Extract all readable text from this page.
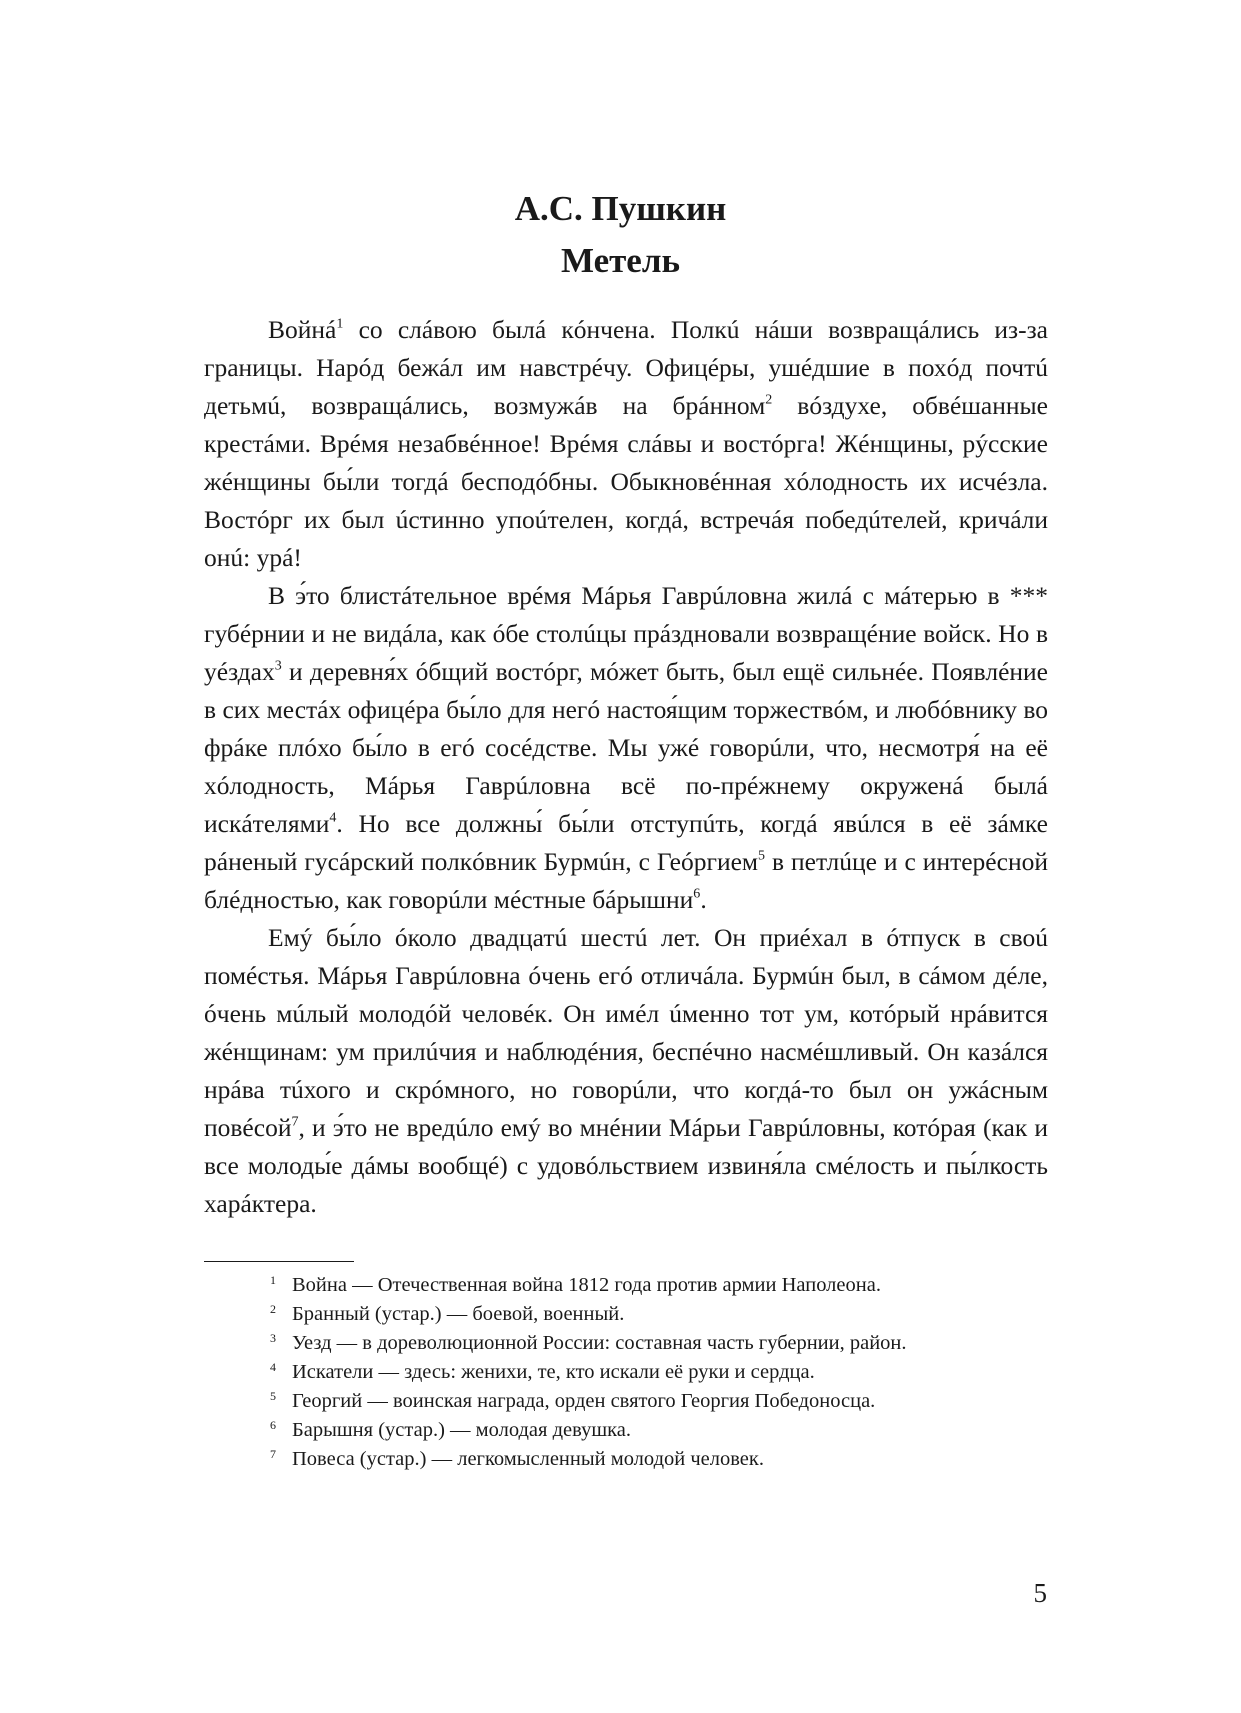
А.С. Пушкин
Метель

Войнá$^1$ со слáвою былá кóнчена. Полкú нáши возвращáлись из-за границы. Нарóд бежáл им навстрéчу. Офицéры, ушéдшие в похóд почтú детьмú, возвращáлись, возмужáв на брáнном$^2$ вóздухе, обвéшанные крестáми. Врéмя незабвéнное! Врéмя слáвы и востóрга! Жéнщины, рýсские жéнщины бы́ли тогдá бесподóбны. Обыкновéнная хóлодность их исчéзла. Востóрг их был úстинно упоúтелен, когдá, встречáя победúтелей, кричáли онú: урá!

В э́то блистáтельное врéмя Мáрья Гаврúловна жилá с мáтерью в *** губéрнии и не видáла, как óбе столúцы прáздновали возвращéние войск. Но в уéздах$^3$ и деревня́х óбщий востóрг, мóжет быть, был ещё сильнéе. Появлéние в сих местáх офицéра бы́ло для негó настоя́щим торжествóм, и любóвнику во фрáке плóхо бы́ло в егó сосéдстве. Мы ужé говорúли, что, несмотря́ на её хóлодность, Мáрья Гаврúловна всё по-прéжнему окруженá былá искáтелями$^4$. Но все должны́ бы́ли отступúть, когдá явúлся в её зáмке рáненый гусáрский полкóвник Бурмúн, с Геóргием$^5$ в петлúце и с интерéсной блéдностью, как говорúли мéстные бáрышни$^6$.

Емý бы́ло óколо двадцатú шестú лет. Он приéхал в óтпуск в своú помéстья. Мáрья Гаврúловна óчень егó отличáла. Бурмúн был, в сáмом дéле, óчень мúлый молодóй человéк. Он имéл úменно тот ум, котóрый нрáвится жéнщинам: ум прилúчия и наблюдéния, беспéчно насмéшливый. Он казáлся нрáва тúхого и скрóмного, но говорúли, что когдá-то был он ужáсным повéсой$^7$, и э́то не вредúло емý во мнéнии Мáрьи Гаврúловны, котóрая (как и все молоды́е дáмы вообщé) с удовóльствием извиня́ла смéлость и пы́лкость харáктера.

1 Война — Отечественная война 1812 года против армии Наполеона.
2 Бранный (устар.) — боевой, военный.
3 Уезд — в дореволюционной России: составная часть губернии, район.
4 Искатели — здесь: женихи, те, кто искали её руки и сердца.
5 Георгий — воинская награда, орден святого Георгия Победоносца.
6 Барышня (устар.) — молодая девушка.
7 Повеса (устар.) — легкомысленный молодой человек.
5
